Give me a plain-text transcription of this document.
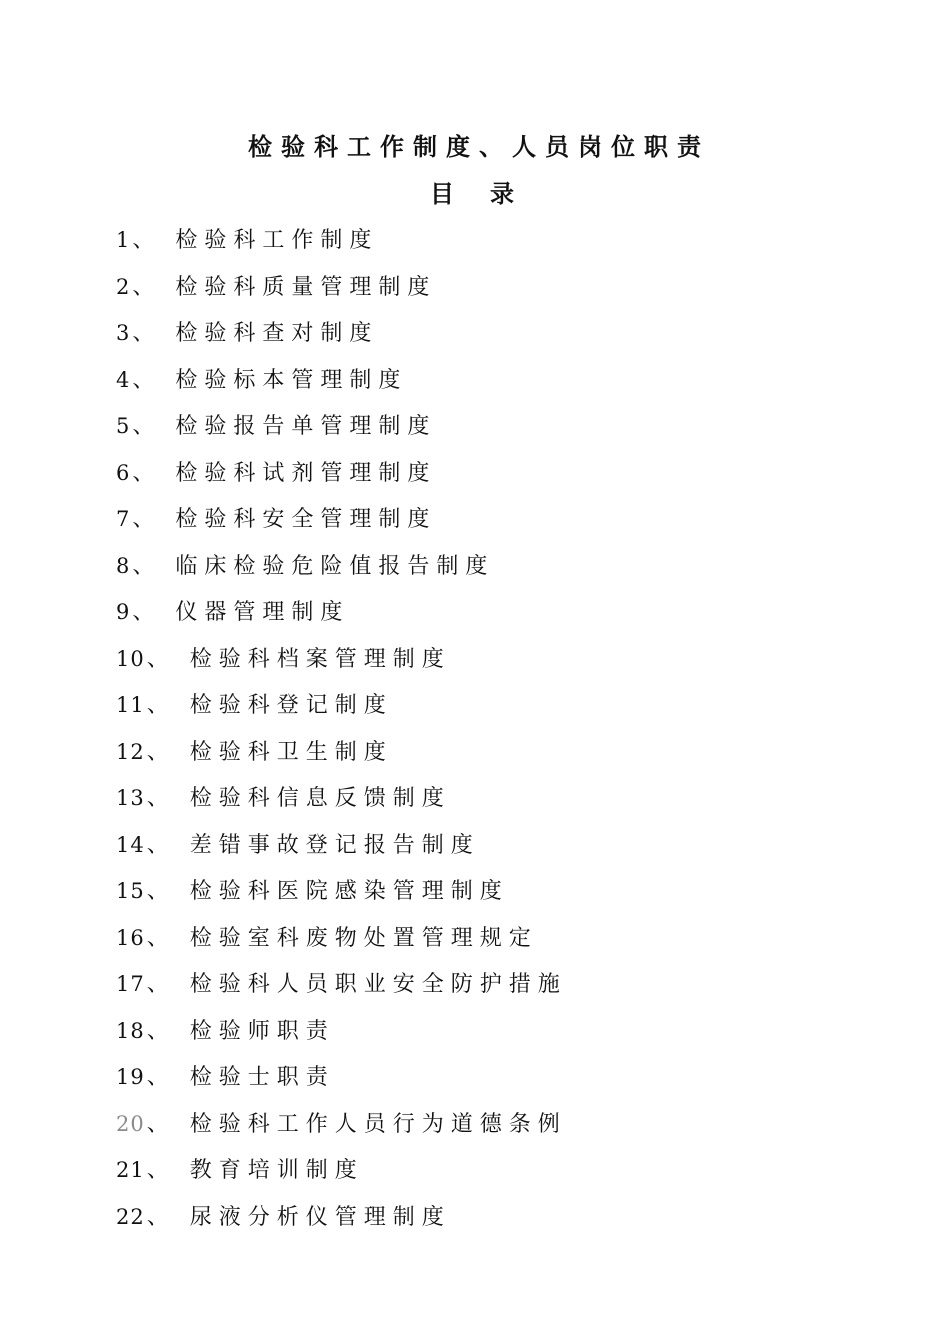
检验科工作制度、人员岗位职责
目 录
1、 检验科工作制度
2、 检验科质量管理制度
3、 检验科查对制度
4、 检验标本管理制度
5、 检验报告单管理制度
6、 检验科试剂管理制度
7、 检验科安全管理制度
8、 临床检验危险值报告制度
9、 仪器管理制度
10、 检验科档案管理制度
11、 检验科登记制度
12、 检验科卫生制度
13、 检验科信息反馈制度
14、 差错事故登记报告制度
15、 检验科医院感染管理制度
16、 检验室科废物处置管理规定
17、 检验科人员职业安全防护措施
18、 检验师职责
19、 检验士职责
20、 检验科工作人员行为道德条例
21、 教育培训制度
22、 尿液分析仪管理制度
